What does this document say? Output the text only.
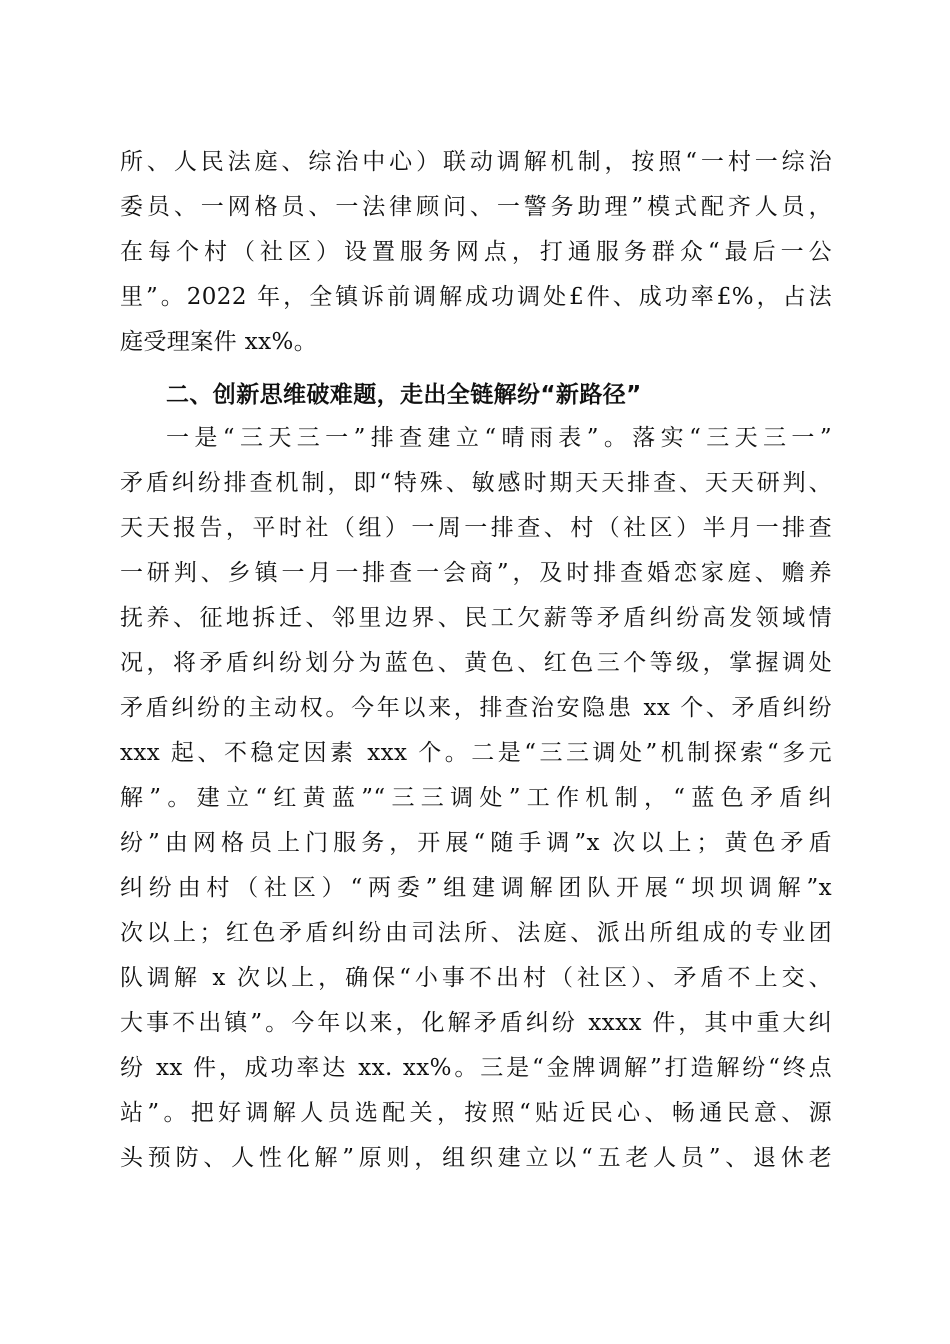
所、人民法庭、综治中心）联动调解机制，按照“一村一综治
委员、一网格员、一法律顾问、一警务助理”模式配齐人员，
在每个村（社区）设置服务网点，打通服务群众“最后一公
里”。2022 年，全镇诉前调解成功调处£件、成功率£%，占法
庭受理案件 xx%。
二、创新思维破难题，走出全链解纷“新路径”
一是“三天三一”排查建立“晴雨表”。落实“三天三一”
矛盾纠纷排查机制，即“特殊、敏感时期天天排查、天天研判、
天天报告，平时社（组）一周一排查、村（社区）半月一排查
一研判、乡镇一月一排查一会商”，及时排查婚恋家庭、赡养
抚养、征地拆迁、邻里边界、民工欠薪等矛盾纠纷高发领域情
况，将矛盾纠纷划分为蓝色、黄色、红色三个等级，掌握调处
矛盾纠纷的主动权。今年以来，排查治安隐患 xx 个、矛盾纠纷
xxx 起、不稳定因素 xxx 个。二是“三三调处”机制探索“多元
解”。建立“红黄蓝”“三三调处”工作机制，“蓝色矛盾纠
纷”由网格员上门服务，开展“随手调”x 次以上；黄色矛盾
纠纷由村（社区）“两委”组建调解团队开展“坝坝调解”x
次以上；红色矛盾纠纷由司法所、法庭、派出所组成的专业团
队调解 x 次以上，确保“小事不出村（社区）、矛盾不上交、
大事不出镇”。今年以来，化解矛盾纠纷 xxxx 件，其中重大纠
纷 xx 件，成功率达 xx. xx%。三是“金牌调解”打造解纷“终点
站”。把好调解人员选配关，按照“贴近民心、畅通民意、源
头预防、人性化解”原则，组织建立以“五老人员”、退休老
